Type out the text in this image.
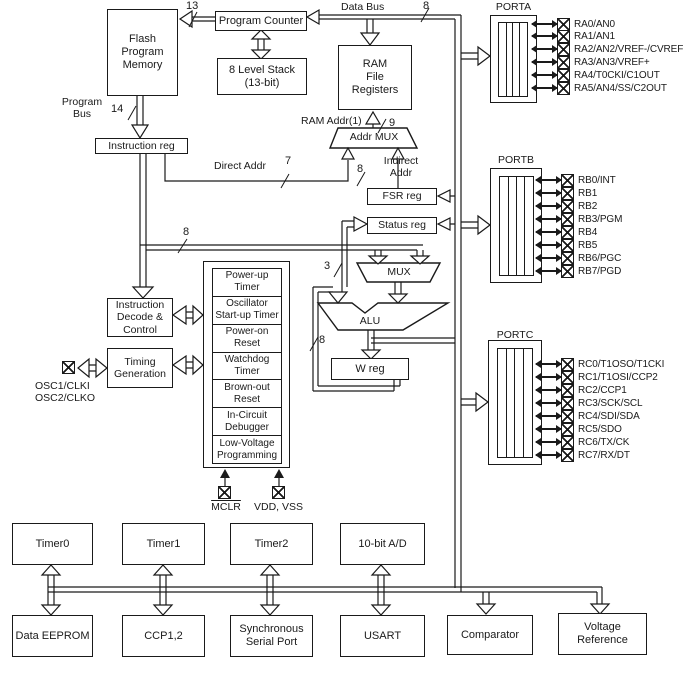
Flash
Program
Memory
Program Counter
8 Level Stack
(13-bit)
RAM
File
Registers
Instruction reg
FSR reg
Status reg
W reg
Instruction
Decode &
Control
Timing
Generation
Power-up
Timer
Oscillator
Start-up Timer
Power-on
Reset
Watchdog
Timer
Brown-out
Reset
In-Circuit
Debugger
Low-Voltage
Programming
Timer0	Timer1	Timer2	10-bit A/D
Data EEPROM	CCP1,2
Synchronous
Serial Port
USART	Comparator
Voltage
Reference
Addr MUX
MUX
ALU
Data Bus
Program
Bus
RAM Addr(1)
Direct Addr	Indirect
Addr
13	8
14
9
7
8
8
3
8
PORTA
PORTB
PORTC
OSC1/CLKI
OSC2/CLKO
MCLR	VDD, VSS
RA0/AN0
RA1/AN1
RA2/AN2/VREF-/CVREF
RA3/AN3/VREF+
RA4/T0CKI/C1OUT
RA5/AN4/SS/C2OUT
RB0/INT
RB1
RB2
RB3/PGM
RB4
RB5
RB6/PGC
RB7/PGD
RC0/T1OSO/T1CKI
RC1/T1OSI/CCP2
RC2/CCP1
RC3/SCK/SCL
RC4/SDI/SDA
RC5/SDO
RC6/TX/CK
RC7/RX/DT
